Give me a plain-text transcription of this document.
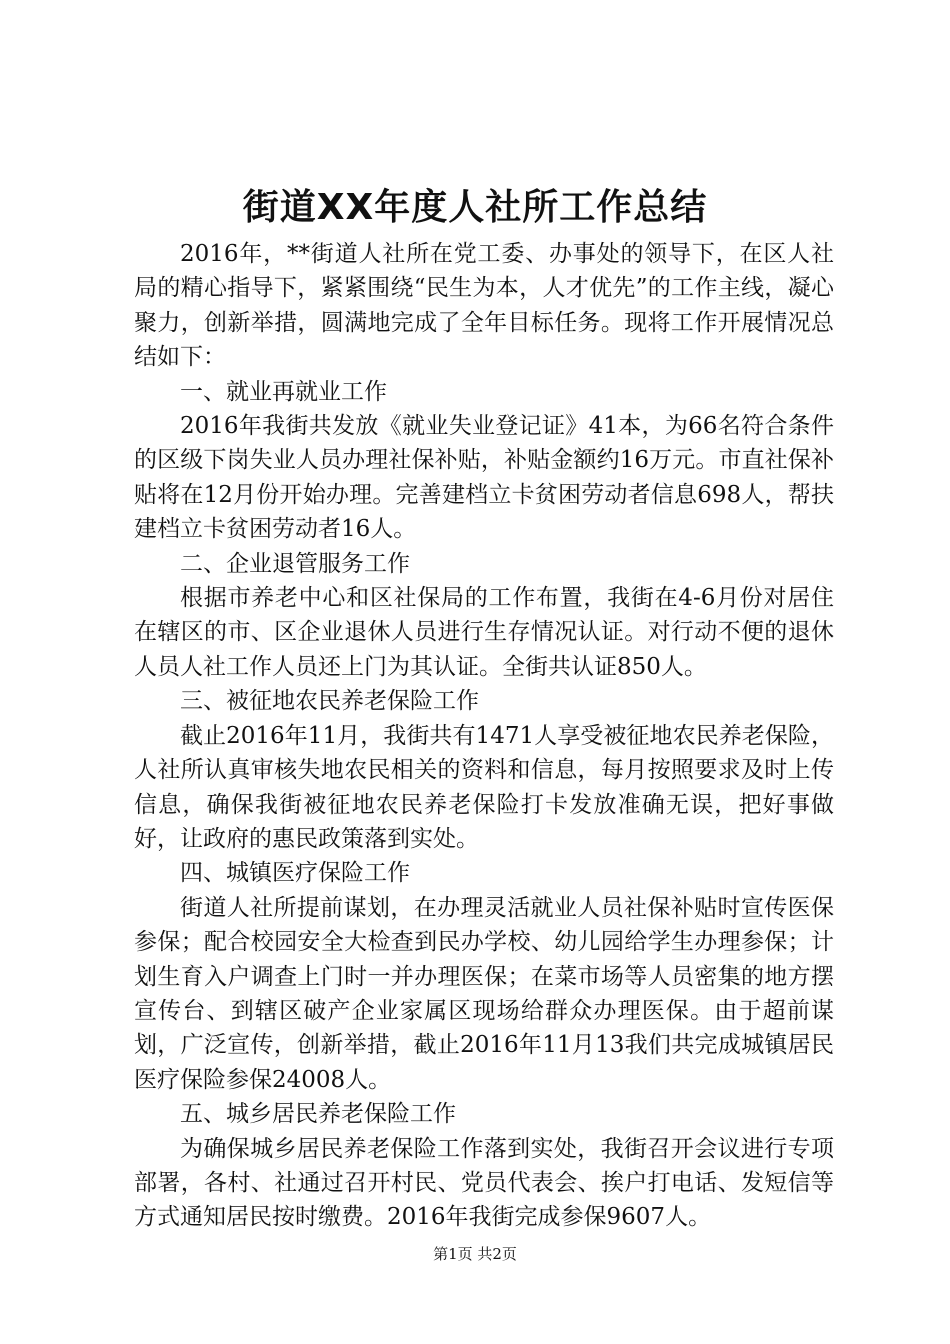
街道XX年度人社所工作总结

2016年，**街道人社所在党工委、办事处的领导下，在区人社局的精心指导下，紧紧围绕“民生为本，人才优先”的工作主线，凝心聚力，创新举措，圆满地完成了全年目标任务。现将工作开展情况总结如下：

一、就业再就业工作

2016年我街共发放《就业失业登记证》41本，为66名符合条件的区级下岗失业人员办理社保补贴，补贴金额约16万元。市直社保补贴将在12月份开始办理。完善建档立卡贫困劳动者信息698人，帮扶建档立卡贫困劳动者16人。

二、企业退管服务工作

根据市养老中心和区社保局的工作布置，我街在4-6月份对居住在辖区的市、区企业退休人员进行生存情况认证。对行动不便的退休人员人社工作人员还上门为其认证。全街共认证850人。

三、被征地农民养老保险工作

截止2016年11月，我街共有1471人享受被征地农民养老保险，人社所认真审核失地农民相关的资料和信息，每月按照要求及时上传信息，确保我街被征地农民养老保险打卡发放准确无误，把好事做好，让政府的惠民政策落到实处。

四、城镇医疗保险工作

街道人社所提前谋划，在办理灵活就业人员社保补贴时宣传医保参保；配合校园安全大检查到民办学校、幼儿园给学生办理参保；计划生育入户调查上门时一并办理医保；在菜市场等人员密集的地方摆宣传台、到辖区破产企业家属区现场给群众办理医保。由于超前谋划，广泛宣传，创新举措，截止2016年11月13我们共完成城镇居民医疗保险参保24008人。

五、城乡居民养老保险工作

为确保城乡居民养老保险工作落到实处，我街召开会议进行专项部署，各村、社通过召开村民、党员代表会、挨户打电话、发短信等方式通知居民按时缴费。2016年我街完成参保9607人。

第1页 共2页
